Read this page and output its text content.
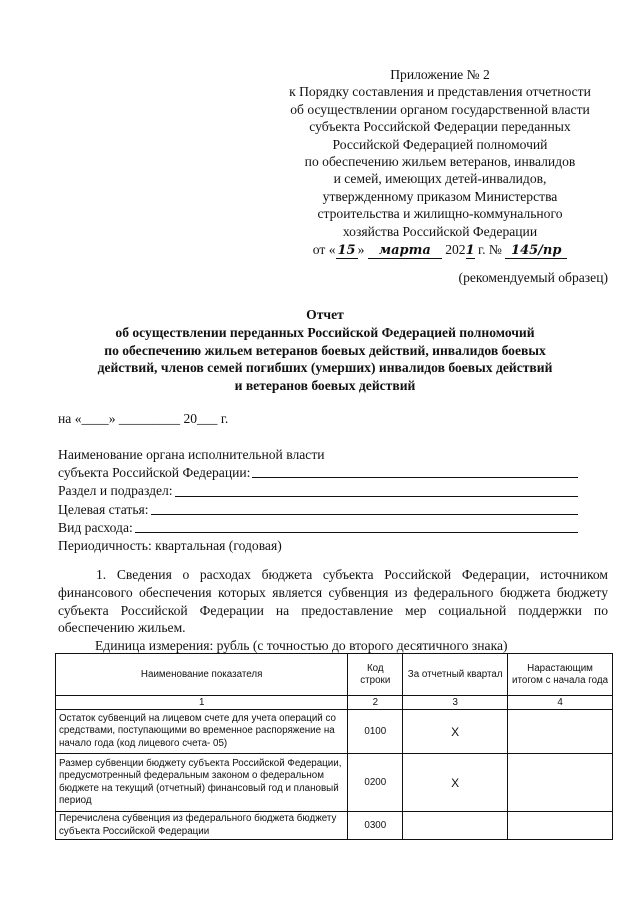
Приложение № 2
к Порядку составления и представления отчетности
об осуществлении органом государственной власти
субъекта Российской Федерации переданных
Российской Федерацией полномочий
по обеспечению жильем ветеранов, инвалидов
и семей, имеющих детей-инвалидов,
утвержденному приказом Министерства
строительства и жилищно-коммунального
хозяйства Российской Федерации
от « 15 » марта 2021 г. № 145/пр
(рекомендуемый образец)
Отчет
об осуществлении переданных Российской Федерацией полномочий
по обеспечению жильем ветеранов боевых действий, инвалидов боевых
действий, членов семей погибших (умерших) инвалидов боевых действий
и ветеранов боевых действий
на «____» _________ 20___ г.
Наименование органа исполнительной власти
субъекта Российской Федерации:
Раздел и подраздел:
Целевая статья:
Вид расхода:
Периодичность: квартальная (годовая)
1. Сведения о расходах бюджета субъекта Российской Федерации, источником финансового обеспечения которых является субвенция из федерального бюджета бюджету субъекта Российской Федерации на предоставление мер социальной поддержки по обеспечению жильем.
Единица измерения: рубль (с точностью до второго десятичного знака)
Наименование показателя	Код строки	За отчетный квартал	Нарастающим итогом с начала года
1	2	3	4
Остаток субвенций на лицевом счете для учета операций со средствами, поступающими во временное распоряжение на начало года (код лицевого счета- 05)	0100	X	
Размер субвенции бюджету субъекта Российской Федерации, предусмотренный федеральным законом о федеральном бюджете на текущий (отчетный) финансовый год и плановый период	0200	X	
Перечислена субвенция из федерального бюджета бюджету субъекта Российской Федерации	0300		
